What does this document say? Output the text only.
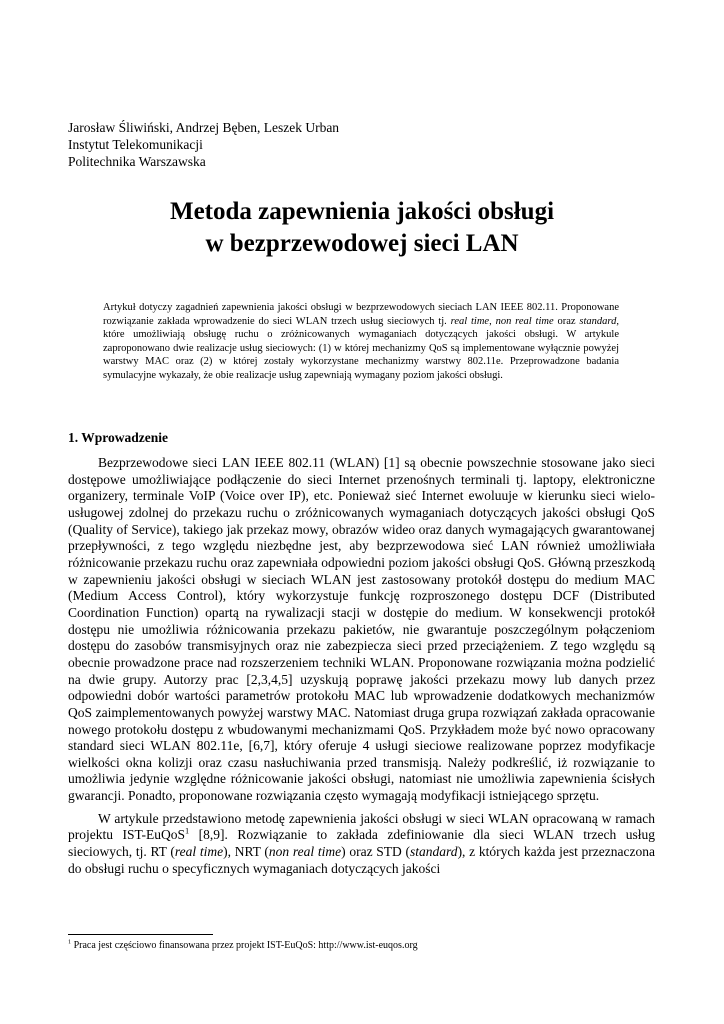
Jarosław Śliwiński, Andrzej Bęben, Leszek Urban
Instytut Telekomunikacji
Politechnika Warszawska
Metoda zapewnienia jakości obsługi
w bezprzewodowej sieci LAN

Artykuł dotyczy zagadnień zapewnienia jakości obsługi w bezprzewodowych sieciach LAN IEEE 802.11. Proponowane rozwiązanie zakłada wprowadzenie do sieci WLAN trzech usług sieciowych tj. real time, non real time oraz standard, które umożliwiają obsługę ruchu o zróżnicowanych wymaganiach dotyczących jakości obsługi. W artykule zaproponowano dwie realizacje usług sieciowych: (1) w której mechanizmy QoS są implementowane wyłącznie powyżej warstwy MAC oraz (2) w której zostały wykorzystane mechanizmy warstwy 802.11e. Przeprowadzone badania symulacyjne wykazały, że obie realizacje usług zapewniają wymagany poziom jakości obsługi.

1. Wprowadzenie

Bezprzewodowe sieci LAN IEEE 802.11 (WLAN) [1] są obecnie powszechnie stosowane jako sieci dostępowe umożliwiające podłączenie do sieci Internet przenośnych terminali tj. laptopy, elektroniczne organizery, terminale VoIP (Voice over IP), etc. Ponieważ sieć Internet ewoluuje w kierunku sieci wielo-usługowej zdolnej do przekazu ruchu o zróżnicowanych wymaganiach dotyczących jakości obsługi QoS (Quality of Service), takiego jak przekaz mowy, obrazów wideo oraz danych wymagających gwarantowanej przepływności, z tego względu niezbędne jest, aby bezprzewodowa sieć LAN również umożliwiała różnicowanie przekazu ruchu oraz zapewniała odpowiedni poziom jakości obsługi QoS. Główną przeszkodą w zapewnieniu jakości obsługi w sieciach WLAN jest zastosowany protokół dostępu do medium MAC (Medium Access Control), który wykorzystuje funkcję rozproszonego dostępu DCF (Distributed Coordination Function) opartą na rywalizacji stacji w dostępie do medium. W konsekwencji protokół dostępu nie umożliwia różnicowania przekazu pakietów, nie gwarantuje poszczególnym połączeniom dostępu do zasobów transmisyjnych oraz nie zabezpiecza sieci przed przeciążeniem. Z tego względu są obecnie prowadzone prace nad rozszerzeniem techniki WLAN. Proponowane rozwiązania można podzielić na dwie grupy. Autorzy prac [2,3,4,5] uzyskują poprawę jakości przekazu mowy lub danych przez odpowiedni dobór wartości parametrów protokołu MAC lub wprowadzenie dodatkowych mechanizmów QoS zaimplementowanych powyżej warstwy MAC. Natomiast druga grupa rozwiązań zakłada opracowanie nowego protokołu dostępu z wbudowanymi mechanizmami QoS. Przykładem może być nowo opracowany standard sieci WLAN 802.11e, [6,7], który oferuje 4 usługi sieciowe realizowane poprzez modyfikacje wielkości okna kolizji oraz czasu nasłuchiwania przed transmisją. Należy podkreślić, iż rozwiązanie to umożliwia jedynie względne różnicowanie jakości obsługi, natomiast nie umożliwia zapewnienia ścisłych gwarancji. Ponadto, proponowane rozwiązania często wymagają modyfikacji istniejącego sprzętu.

W artykule przedstawiono metodę zapewnienia jakości obsługi w sieci WLAN opracowaną w ramach projektu IST-EuQoS$^1$ [8,9]. Rozwiązanie to zakłada zdefiniowanie dla sieci WLAN trzech usług sieciowych, tj. RT (real time), NRT (non real time) oraz STD (standard), z których każda jest przeznaczona do obsługi ruchu o specyficznych wymaganiach dotyczących jakości

$^1$ Praca jest częściowo finansowana przez projekt IST-EuQoS: http://www.ist-euqos.org
